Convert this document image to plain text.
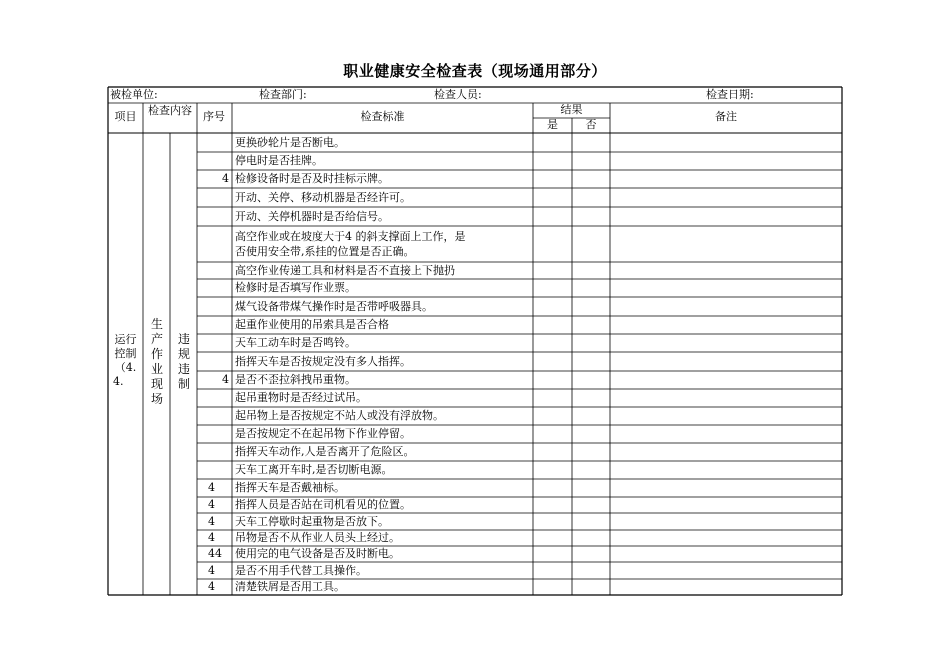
职业健康安全检查表（现场通用部分）
被检单位:	检查部门:	检查人员:	检查日期:
项目	检查内容	序号	检查标准
结果
是	否
备注
运行
控制
（4.
4.
生产作业现场
违规违制
更换砂轮片是否断电。
停电时是否挂牌。
4 检修设备时是否及时挂标示牌。
开动、关停、移动机器是否经许可。
开动、关停机器时是否给信号。
高空作业或在坡度大于4 的斜支撑面上工作，是
否使用安全带,系挂的位置是否正确。
高空作业传递工具和材料是否不直接上下抛扔
检修时是否填写作业票。
煤气设备带煤气操作时是否带呼吸器具。
起重作业使用的吊索具是否合格
天车工动车时是否鸣铃。
指挥天车是否按规定没有多人指挥。
4 是否不歪拉斜拽吊重物。
起吊重物时是否经过试吊。
起吊物上是否按规定不站人或没有浮放物。
是否按规定不在起吊物下作业停留。
指挥天车动作,人是否离开了危险区。
天车工离开车时,是否切断电源。
4 指挥天车是否戴袖标。
4 指挥人员是否站在司机看见的位置。
4 天车工停歇时起重物是否放下。
4 吊物是否不从作业人员头上经过。
44 使用完的电气设备是否及时断电。
4 是否不用手代替工具操作。
4 清楚铁屑是否用工具。
